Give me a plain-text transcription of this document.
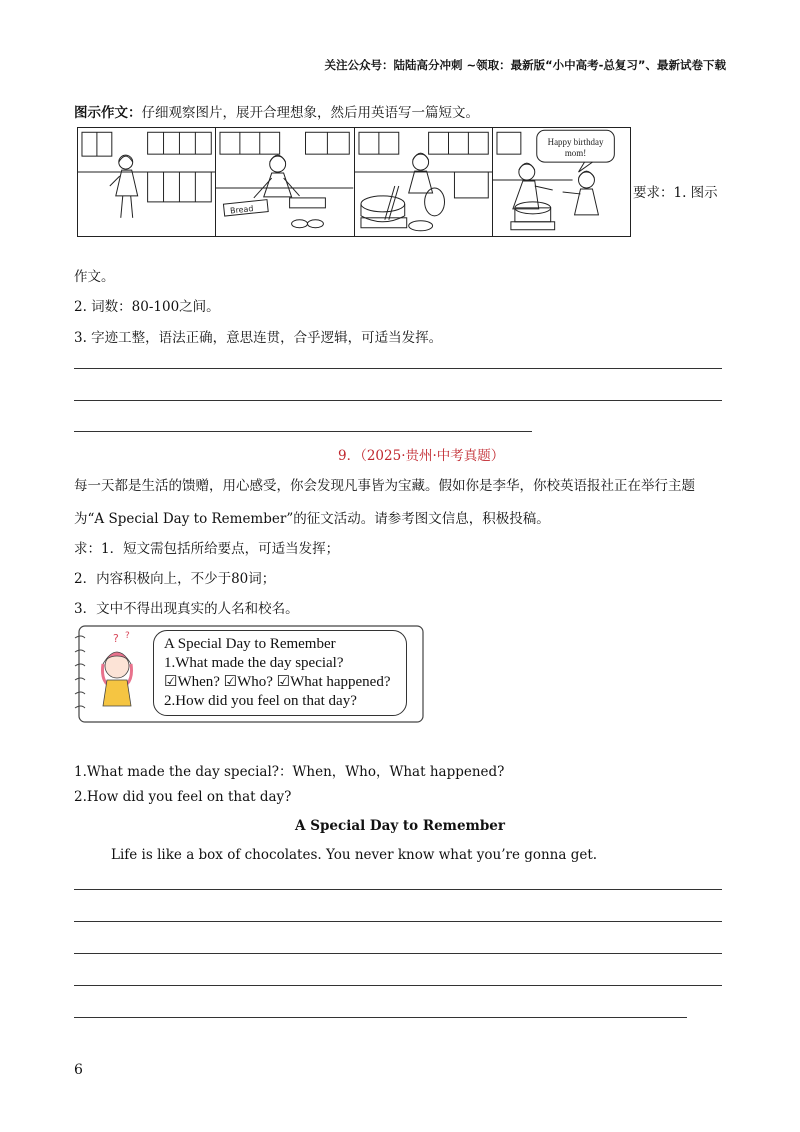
关注公众号：陆陆高分冲刺 ~领取：最新版“小中高考-总复习”、最新试卷下载
图示作文：仔细观察图片，展开合理想象，然后用英语写一篇短文。
Bread
Happy birthday
mom!
要求：1. 图示
作文。
2. 词数：80-100之间。
3. 字迹工整，语法正确，意思连贯，合乎逻辑，可适当发挥。
9．（2025·贵州·中考真题）
每一天都是生活的馈赠，用心感受，你会发现凡事皆为宝藏。假如你是李华，你校英语报社正在举行主题
为“A Special Day to Remember”的征文活动。请参考图文信息，积极投稿。
求：1．短文需包括所给要点，可适当发挥；
2．内容积极向上，不少于80词；
3．文中不得出现真实的人名和校名。
? ? A Special Day to Remember
1.What made the day special?
☑When? ☑Who? ☑What happened?
2.How did you feel on that day?
1.What made the day special?：When，Who，What happened?
2.How did you feel on that day?
A Special Day to Remember
Life is like a box of chocolates. You never know what you’re gonna get.
6
